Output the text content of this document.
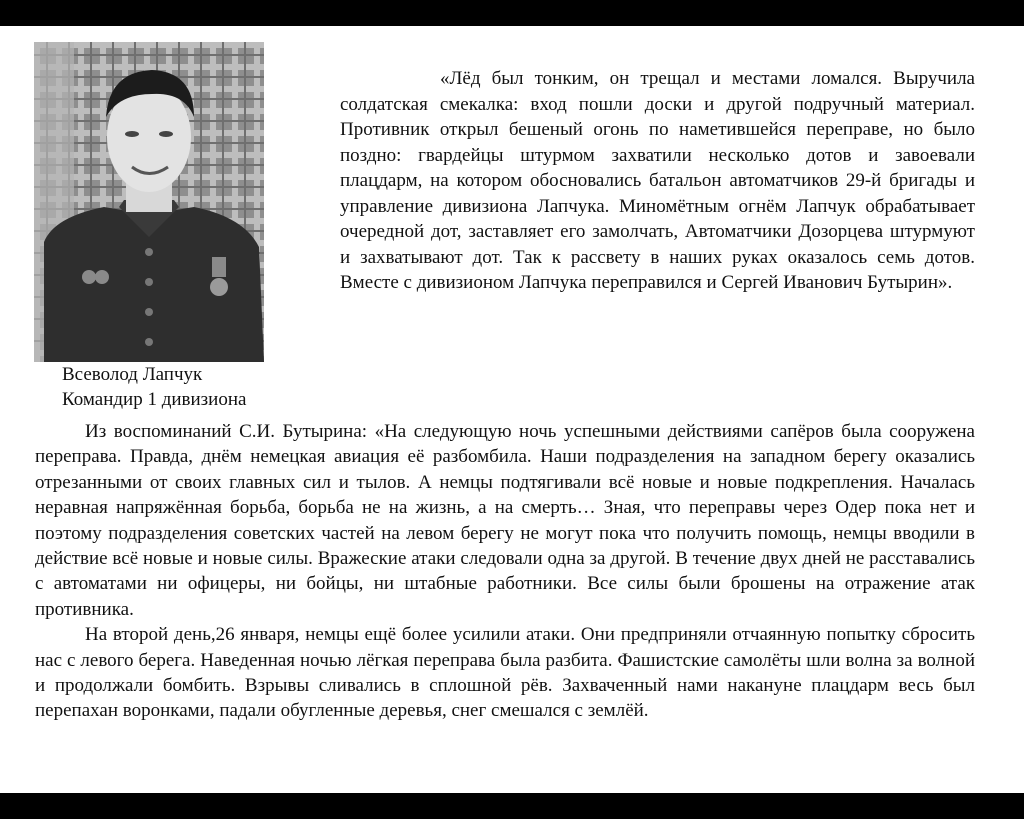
Всеволод Лапчук
Командир 1 дивизиона

«Лёд был тонким, он трещал и местами ломался. Выручила солдатская смекалка: вход пошли доски и другой подручный материал. Противник открыл бешеный огонь по наметившейся переправе, но было поздно: гвардейцы штурмом захватили несколько дотов и завоевали плацдарм, на котором обосновались батальон автоматчиков 29-й бригады и управление дивизиона Лапчука. Миномётным огнём Лапчук обрабатывает очередной дот, заставляет его замолчать, Автоматчики Дозорцева штурмуют и захватывают дот. Так к рассвету в наших руках оказалось семь дотов. Вместе с дивизионом Лапчука переправился и Сергей Иванович Бутырин».

Из воспоминаний С.И. Бутырина: «На следующую ночь успешными действиями сапёров была сооружена переправа. Правда, днём немецкая авиация её разбомбила. Наши подразделения на западном берегу оказались отрезанными от своих главных сил и тылов. А немцы подтягивали всё новые и новые подкрепления. Началась неравная напряжённая борьба, борьба не на жизнь, а на смерть… Зная, что переправы через Одер пока нет и поэтому подразделения советских частей на левом берегу не могут пока что получить помощь, немцы вводили в действие всё новые и новые силы. Вражеские атаки следовали одна за другой. В течение двух дней не расставались с автоматами ни офицеры, ни бойцы, ни штабные работники. Все силы были брошены на отражение атак противника.

На второй день,26 января, немцы ещё более усилили атаки. Они предприняли отчаянную попытку сбросить нас с левого берега. Наведенная ночью лёгкая переправа была разбита. Фашистские самолёты шли волна за волной и продолжали бомбить. Взрывы сливались в сплошной рёв. Захваченный нами накануне плацдарм весь был перепахан воронками, падали обугленные деревья, снег смешался с землёй.
